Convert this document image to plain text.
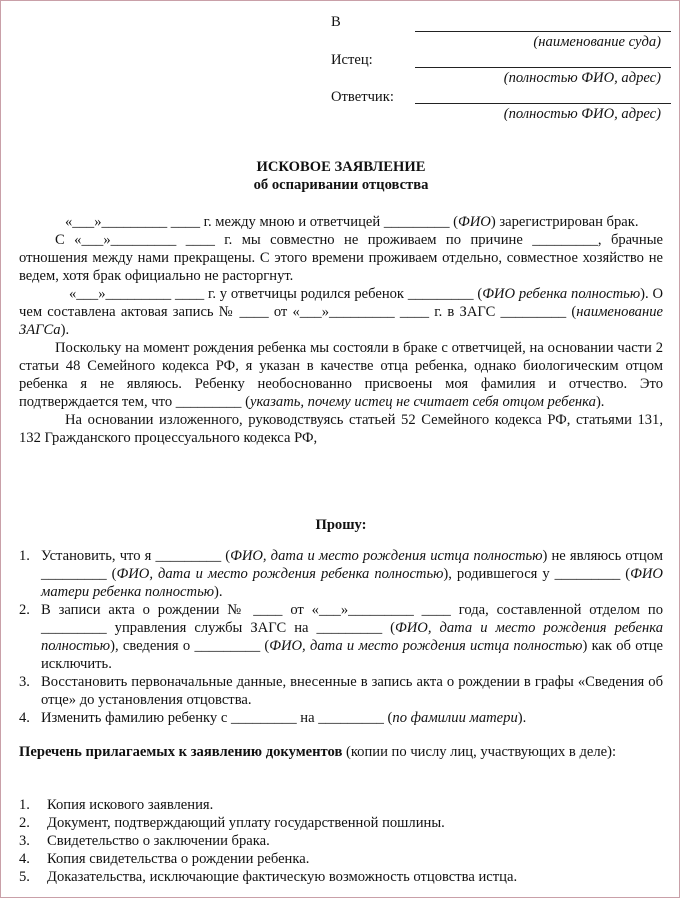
В
(наименование суда)
Истец:
(полностью ФИО, адрес)
Ответчик:
(полностью ФИО, адрес)
ИСКОВОЕ ЗАЯВЛЕНИЕ
об оспаривании отцовства

«___»_________ ____ г. между мною и ответчицей _________ (ФИО) зарегистрирован брак.

С «___»_________ ____ г. мы совместно не проживаем по причине _________, брачные отношения между нами прекращены. С этого времени проживаем отдельно, совместное хозяйство не ведем, хотя брак официально не расторгнут.

«___»_________ ____ г. у ответчицы родился ребенок _________ (ФИО ребенка полностью). О чем составлена актовая запись № ____ от «___»_________ ____ г. в ЗАГС _________ (наименование ЗАГСа).

Поскольку на момент рождения ребенка мы состояли в браке с ответчицей, на основании части 2 статьи 48 Семейного кодекса РФ, я указан в качестве отца ребенка, однако биологическим отцом ребенка я не являюсь. Ребенку необоснованно присвоены моя фамилия и отчество. Это подтверждается тем, что _________ (указать, почему истец не считает себя отцом ребенка).

На основании изложенного, руководствуясь статьей 52 Семейного кодекса РФ, статьями 131, 132 Гражданского процессуального кодекса РФ,

Прошу:
1. Установить, что я _________ (ФИО, дата и место рождения истца полностью) не являюсь отцом _________ (ФИО, дата и место рождения ребенка полностью), родившегося у _________ (ФИО матери ребенка полностью).
2. В записи акта о рождении № ____ от «___»_________ ____ года, составленной отделом по _________ управления службы ЗАГС на _________ (ФИО, дата и место рождения ребенка полностью), сведения о _________ (ФИО, дата и место рождения истца полностью) как об отце исключить.
3. Восстановить первоначальные данные, внесенные в запись акта о рождении в графы «Сведения об отце» до установления отцовства.
4. Изменить фамилию ребенку с _________ на _________ (по фамилии матери).
Перечень прилагаемых к заявлению документов (копии по числу лиц, участвующих в деле):
1. Копия искового заявления.
2. Документ, подтверждающий уплату государственной пошлины.
3. Свидетельство о заключении брака.
4. Копия свидетельства о рождении ребенка.
5. Доказательства, исключающие фактическую возможность отцовства истца.
